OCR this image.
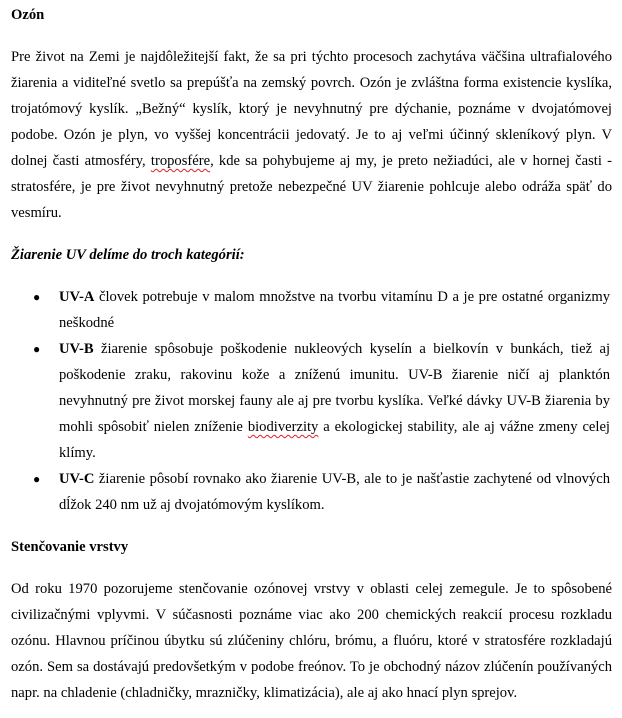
Ozón

Pre život na Zemi je najdôležitejší fakt, že sa pri týchto procesoch zachytáva väčšina ultrafialového žiarenia a viditeľné svetlo sa prepúšťa na zemský povrch. Ozón je zvláštna forma existencie kyslíka, trojatómový kyslík. „Bežný“ kyslík, ktorý je nevyhnutný pre dýchanie, poznáme v dvojatómovej podobe. Ozón je plyn, vo vyššej koncentrácii jedovatý. Je to aj veľmi účinný skleníkový plyn. V dolnej časti atmosféry, troposfére, kde sa pohybujeme aj my, je preto nežiadúci, ale v hornej časti - stratosfére, je pre život nevyhnutný pretože nebezpečné UV žiarenie pohlcuje alebo odráža späť do vesmíru.

Žiarenie UV delíme do troch kategórií:

● UV-A človek potrebuje v malom množstve na tvorbu vitamínu D a je pre ostatné organizmy neškodné
● UV-B žiarenie spôsobuje poškodenie nukleových kyselín a bielkovín v bunkách, tiež aj poškodenie zraku, rakovinu kože a zníženú imunitu. UV-B žiarenie ničí aj planktón nevyhnutný pre život morskej fauny ale aj pre tvorbu kyslíka. Veľké dávky UV-B žiarenia by mohli spôsobiť nielen zníženie biodiverzity a ekologickej stability, ale aj vážne zmeny celej klímy.
● UV-C žiarenie pôsobí rovnako ako žiarenie UV-B, ale to je našťastie zachytené od vlnových dĺžok 240 nm už aj dvojatómovým kyslíkom.

Stenčovanie vrstvy

Od roku 1970 pozorujeme stenčovanie ozónovej vrstvy v oblasti celej zemegule. Je to spôsobené civilizačnými vplyvmi. V súčasnosti poznáme viac ako 200 chemických reakcií procesu rozkladu ozónu. Hlavnou príčinou úbytku sú zlúčeniny chlóru, brómu, a fluóru, ktoré v stratosfére rozkladajú ozón. Sem sa dostávajú predovšetkým v podobe freónov. To je obchodný názov zlúčenín používaných napr. na chladenie (chladničky, mrazničky, klimatizácia), ale aj ako hnací plyn sprejov.
